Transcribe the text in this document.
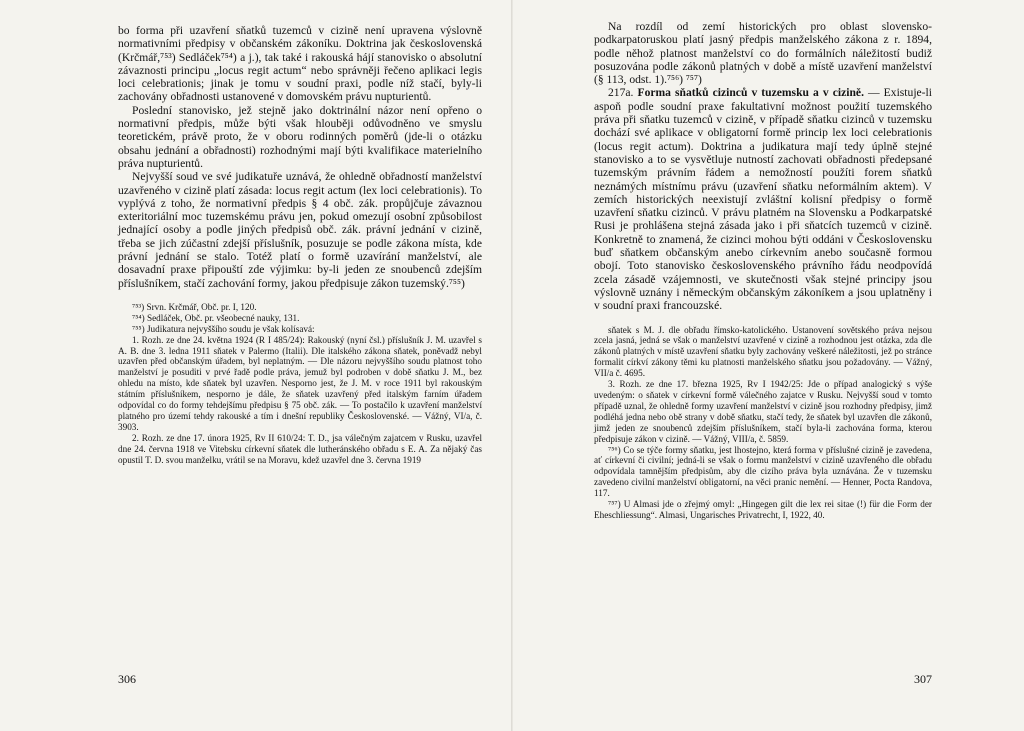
bo forma při uzavření sňatků tuzemců v cizině není upravena výslovně normativními předpisy v občanském zákoníku. Doktrina jak československá (Krčmář,⁷⁵³) Sedláček⁷⁵⁴) a j.), tak také i rakouská hájí stanovisko o absolutní závaznosti principu „locus regit actum“ nebo správněji řečeno aplikaci legis loci celebrationis; jinak je tomu v soudní praxi, podle níž stačí, byly-li zachovány obřadnosti ustanovené v domovském právu nupturientů.

Poslední stanovisko, jež stejně jako doktrinální názor není opřeno o normativní předpis, může býti však hlouběji odůvodněno ve smyslu teoretickém, právě proto, že v oboru rodinných poměrů (jde-li o otázku obsahu jednání a obřadnosti) rozhodnými mají býti kvalifikace materielního práva nupturientů.

Nejvyšší soud ve své judikatuře uznává, že ohledně obřadností manželství uzavřeného v cizině platí zásada: locus regit actum (lex loci celebrationis). To vyplývá z toho, že normativní předpis § 4 obč. zák. propůjčuje závaznou exteritoriální moc tuzemskému právu jen, pokud omezují osobní způsobilost jednající osoby a podle jiných předpisů obč. zák. právní jednání v cizině, třeba se jich zúčastní zdejší příslušník, posuzuje se podle zákona místa, kde právní jednání se stalo. Totéž platí o formě uzavírání manželství, ale dosavadní praxe připouští zde výjimku: by-li jeden ze snoubenců zdejším příslušníkem, stačí zachování formy, jakou předpisuje zákon tuzemský.⁷⁵⁵)

⁷⁵³) Srvn. Krčmář, Obč. pr. I, 120.

⁷⁵⁴) Sedláček, Obč. pr. všeobecné nauky, 131.

⁷⁵⁵) Judikatura nejvyššího soudu je však kolísavá:

1. Rozh. ze dne 24. května 1924 (R I 485/24): Rakouský (nyní čsl.) příslušník J. M. uzavřel s A. B. dne 3. ledna 1911 sňatek v Palermo (Italii). Dle italského zákona sňatek, poněvadž nebyl uzavřen před občanským úřadem, byl neplatným. — Dle názoru nejvyššího soudu platnost toho manželství je posuditi v prvé řadě podle práva, jemuž byl podroben v době sňatku J. M., bez ohledu na místo, kde sňatek byl uzavřen. Nesporno jest, že J. M. v roce 1911 byl rakouským státním příslušníkem, nesporno je dále, že sňatek uzavřený před italským farním úřadem odpovídal co do formy tehdejšímu předpisu § 75 obč. zák. — To postačilo k uzavření manželství platného pro území tehdy rakouské a tím i dnešní republiky Československé. — Vážný, VI/a, č. 3903.

2. Rozh. ze dne 17. února 1925, Rv II 610/24: T. D., jsa válečným zajatcem v Rusku, uzavřel dne 24. června 1918 ve Vitebsku církevní sňatek dle lutheránského obřadu s E. A. Za nějaký čas opustil T. D. svou manželku, vrátil se na Moravu, kdež uzavřel dne 3. června 1919

306

Na rozdíl od zemí historických pro oblast slovensko-podkarpatoruskou platí jasný předpis manželského zákona z r. 1894, podle něhož platnost manželství co do formálních náležitostí budiž posuzována podle zákonů platných v době a místě uzavření manželství (§ 113, odst. 1).⁷⁵⁶) ⁷⁵⁷)

217a. Forma sňatků cizinců v tuzemsku a v cizině. — Existuje-li aspoň podle soudní praxe fakultativní možnost použití tuzemského práva při sňatku tuzemců v cizině, v případě sňatku cizinců v tuzemsku dochází své aplikace v obligatorní formě princip lex loci celebrationis (locus regit actum). Doktrina a judikatura mají tedy úplně stejné stanovisko a to se vysvětluje nutností zachovati obřadnosti předepsané tuzemským právním řádem a nemožností použíti forem sňatků neznámých místnímu právu (uzavření sňatku neformálním aktem). V zemích historických neexistují zvláštní kolisní předpisy o formě uzavření sňatku cizinců. V právu platném na Slovensku a Podkarpatské Rusi je prohlášena stejná zásada jako i při sňatcích tuzemců v cizině. Konkretně to znamená, že cizinci mohou býti oddáni v Československu buď sňatkem občanským anebo církevním anebo současně formou obojí. Toto stanovisko československého právního řádu neodpovídá zcela zásadě vzájemnosti, ve skutečnosti však stejné principy jsou výslovně uznány i německým občanským zákoníkem a jsou uplatněny i v soudní praxi francouzské.

sňatek s M. J. dle obřadu římsko-katolického. Ustanovení sovětského práva nejsou zcela jasná, jedná se však o manželství uzavřené v cizině a rozhodnou jest otázka, zda dle zákonů platných v místě uzavření sňatku byly zachovány veškeré náležitosti, jež po stránce formalit církví zákony těmi ku platnosti manželského sňatku jsou požadovány. — Vážný, VII/a č. 4695.

3. Rozh. ze dne 17. března 1925, Rv I 1942/25: Jde o případ analogický s výše uvedeným: o sňatek v církevní formě válečného zajatce v Rusku. Nejvyšší soud v tomto případě uznal, že ohledně formy uzavření manželství v cizině jsou rozhodny předpisy, jimž podléhá jedna nebo obě strany v době sňatku, stačí tedy, že sňatek byl uzavřen dle zákonů, jimž jeden ze snoubenců zdejším příslušníkem, stačí byla-li zachována forma, kterou předpisuje zákon v cizině. — Vážný, VIII/a, č. 5859.

⁷⁵⁶) Co se týče formy sňatku, jest lhostejno, která forma v příslušné cizině je zavedena, ať církevní či civilní; jedná-li se však o formu manželství v cizině uzavřeného dle obřadu odpovídala tamnějším předpisům, aby dle cizího práva byla uznávána. Že v tuzemsku zavedeno civilní manželství obligatorní, na věci pranic nemění. — Henner, Pocta Randova, 117.

⁷⁵⁷) U Almasi jde o zřejmý omyl: „Hingegen gilt die lex rei sitae (!) für die Form der Eheschliessung“. Almasi, Ungarisches Privatrecht, I, 1922, 40.

307
